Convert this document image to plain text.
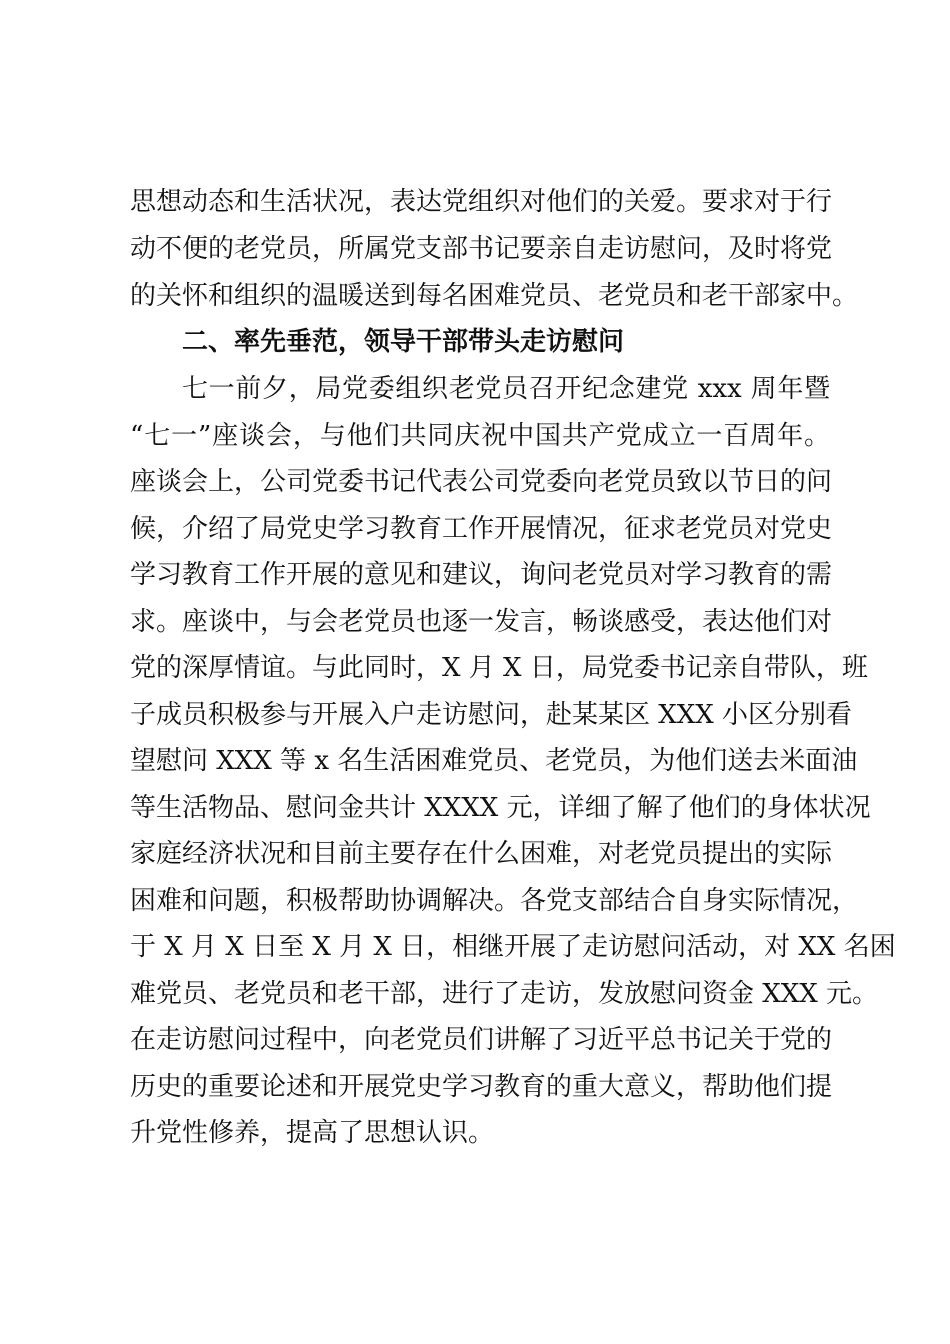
思想动态和生活状况，表达党组织对他们的关爱。要求对于行
动不便的老党员，所属党支部书记要亲自走访慰问，及时将党
的关怀和组织的温暖送到每名困难党员、老党员和老干部家中。
二、率先垂范，领导干部带头走访慰问
七一前夕，局党委组织老党员召开纪念建党 xxx 周年暨
“七一”座谈会，与他们共同庆祝中国共产党成立一百周年。
座谈会上，公司党委书记代表公司党委向老党员致以节日的问
候，介绍了局党史学习教育工作开展情况，征求老党员对党史
学习教育工作开展的意见和建议，询问老党员对学习教育的需
求。座谈中，与会老党员也逐一发言，畅谈感受，表达他们对
党的深厚情谊。与此同时，X 月 X 日，局党委书记亲自带队，班
子成员积极参与开展入户走访慰问，赴某某区 XXX 小区分别看
望慰问 XXX 等 x 名生活困难党员、老党员，为他们送去米面油
等生活物品、慰问金共计 XXXX 元，详细了解了他们的身体状况
家庭经济状况和目前主要存在什么困难，对老党员提出的实际
困难和问题，积极帮助协调解决。各党支部结合自身实际情况，
于 X 月 X 日至 X 月 X 日，相继开展了走访慰问活动，对 XX 名困
难党员、老党员和老干部，进行了走访，发放慰问资金 XXX 元。
在走访慰问过程中，向老党员们讲解了习近平总书记关于党的
历史的重要论述和开展党史学习教育的重大意义，帮助他们提
升党性修养，提高了思想认识。
